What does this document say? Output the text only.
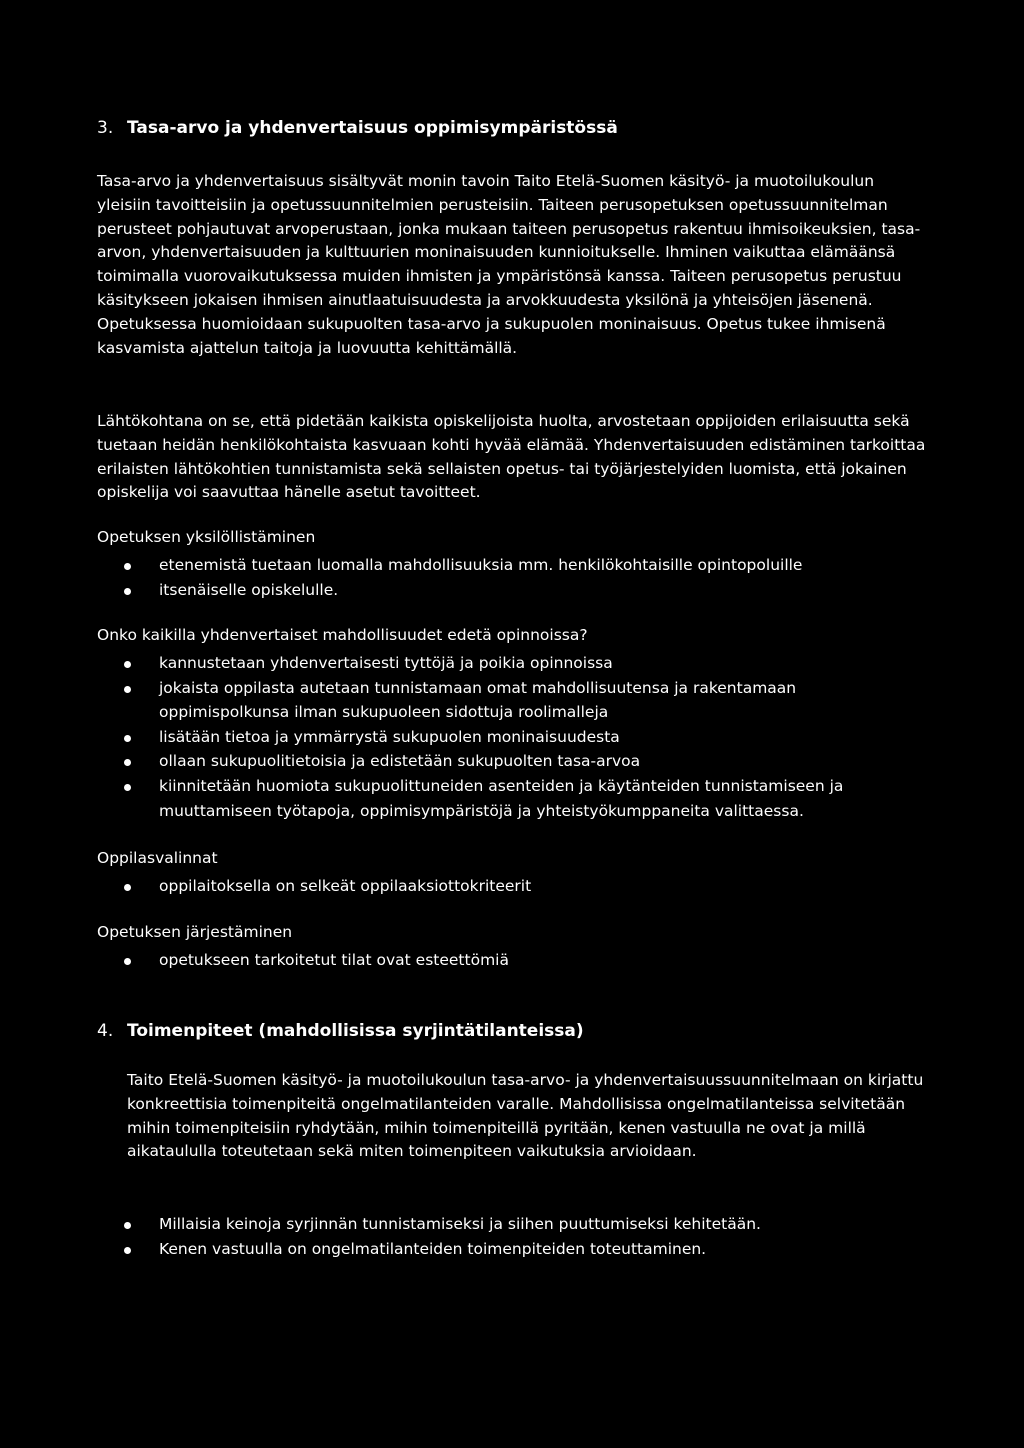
3. Tasa-arvo ja yhdenvertaisuus oppimisympäristössä

Tasa-arvo ja yhdenvertaisuus sisältyvät monin tavoin Taito Etelä-Suomen käsityö- ja muotoilukoulun yleisiin tavoitteisiin ja opetussuunnitelmien perusteisiin. Taiteen perusopetuksen opetussuunnitelman perusteet pohjautuvat arvoperustaan, jonka mukaan taiteen perusopetus rakentuu ihmisoikeuksien, tasa-arvon, yhdenvertaisuuden ja kulttuurien moninaisuuden kunnioitukselle. Ihminen vaikuttaa elämäänsä toimimalla vuorovaikutuksessa muiden ihmisten ja ympäristönsä kanssa. Taiteen perusopetus perustuu käsitykseen jokaisen ihmisen ainutlaatuisuudesta ja arvokkuudesta yksilönä ja yhteisöjen jäsenenä. Opetuksessa huomioidaan sukupuolten tasa-arvo ja sukupuolen moninaisuus. Opetus tukee ihmisenä kasvamista ajattelun taitoja ja luovuutta kehittämällä.

Lähtökohtana on se, että pidetään kaikista opiskelijoista huolta, arvostetaan oppijoiden erilaisuutta sekä tuetaan heidän henkilökohtaista kasvuaan kohti hyvää elämää. Yhdenvertaisuuden edistäminen tarkoittaa erilaisten lähtökohtien tunnistamista sekä sellaisten opetus- tai työjärjestelyiden luomista, että jokainen opiskelija voi saavuttaa hänelle asetut tavoitteet.

Opetuksen yksilöllistäminen
etenemistä tuetaan luomalla mahdollisuuksia mm. henkilökohtaisille opintopoluille
itsenäiselle opiskelulle.
Onko kaikilla yhdenvertaiset mahdollisuudet edetä opinnoissa?
kannustetaan yhdenvertaisesti tyttöjä ja poikia opinnoissa
jokaista oppilasta autetaan tunnistamaan omat mahdollisuutensa ja rakentamaan oppimispolkunsa ilman sukupuoleen sidottuja roolimalleja
lisätään tietoa ja ymmärrystä sukupuolen moninaisuudesta
ollaan sukupuolitietoisia ja edistetään sukupuolten tasa-arvoa
kiinnitetään huomiota sukupuolittuneiden asenteiden ja käytänteiden tunnistamiseen ja muuttamiseen työtapoja, oppimisympäristöjä ja yhteistyökumppaneita valittaessa.
Oppilasvalinnat
oppilaitoksella on selkeät oppilaaksiottokriteerit
Opetuksen järjestäminen
opetukseen tarkoitetut tilat ovat esteettömiä
4. Toimenpiteet (mahdollisissa syrjintätilanteissa)

Taito Etelä-Suomen käsityö- ja muotoilukoulun tasa-arvo- ja yhdenvertaisuussuunnitelmaan on kirjattu konkreettisia toimenpiteitä ongelmatilanteiden varalle. Mahdollisissa ongelmatilanteissa selvitetään mihin toimenpiteisiin ryhdytään, mihin toimenpiteillä pyritään, kenen vastuulla ne ovat ja millä aikataululla toteutetaan sekä miten toimenpiteen vaikutuksia arvioidaan.

Millaisia keinoja syrjinnän tunnistamiseksi ja siihen puuttumiseksi kehitetään.
Kenen vastuulla on ongelmatilanteiden toimenpiteiden toteuttaminen.
